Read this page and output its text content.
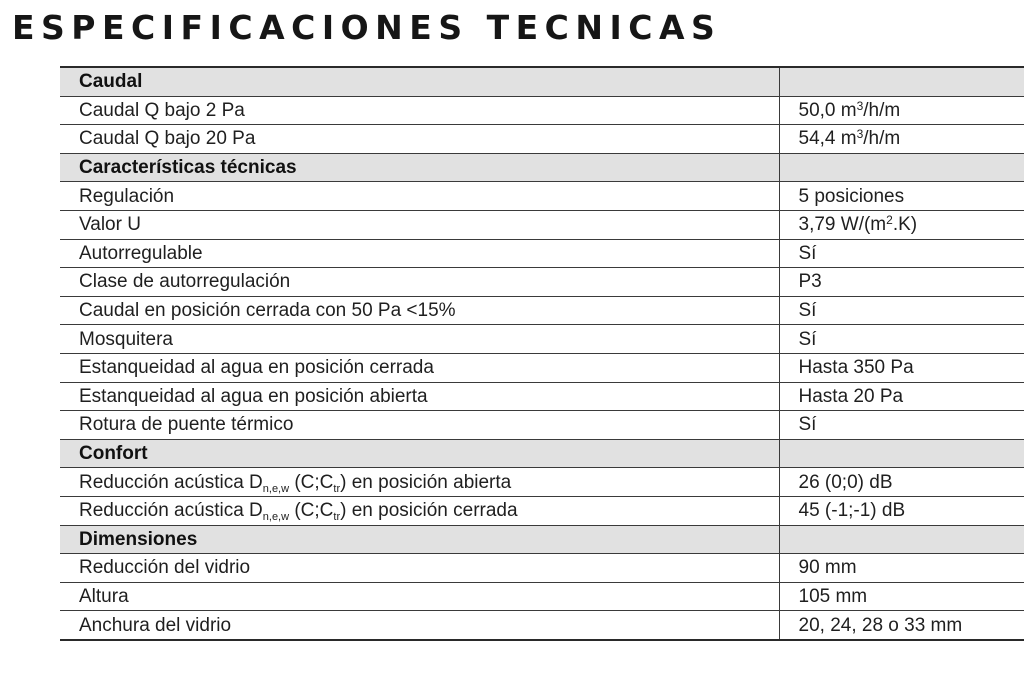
ESPECIFICACIONES TECNICAS
Caudal	
Caudal Q bajo 2 Pa	50,0 $m^3/h/m$
Caudal Q bajo 20 Pa	54,4 $m^3/h/m$
Características técnicas	
Regulación	5 posiciones
Valor U	3,79 $W/(m^2.K)$
Autorregulable	Sí
Clase de autorregulación	P3
Caudal en posición cerrada con 50 Pa <15%	Sí
Mosquitera	Sí
Estanqueidad al agua en posición cerrada	Hasta 350 Pa
Estanqueidad al agua en posición abierta	Hasta 20 Pa
Rotura de puente térmico	Sí
Confort	
Reducción acústica $D_{n,e,w}$ $(C;C_{tr})$ en posición abierta	26 (0;0) dB
Reducción acústica $D_{n,e,w}$ $(C;C_{tr})$ en posición cerrada	45 (-1;-1) dB
Dimensiones	
Reducción del vidrio	90 mm
Altura	105 mm
Anchura del vidrio	20, 24, 28 o 33 mm
